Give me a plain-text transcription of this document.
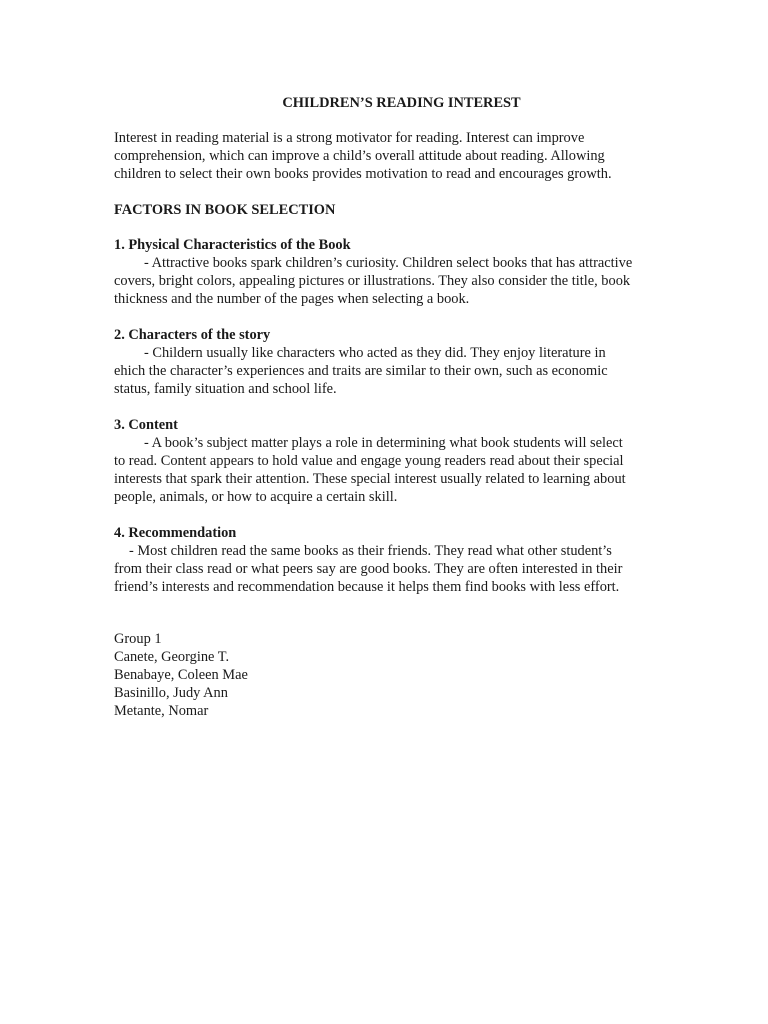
CHILDREN’S READING INTEREST

Interest in reading material is a strong motivator for reading. Interest can improve

comprehension, which can improve a child’s overall attitude about reading. Allowing

children to select their own books provides motivation to read and encourages growth.

FACTORS IN BOOK SELECTION
1. Physical Characteristics of the Book
- Attractive books spark children’s curiosity. Children select books that has attractive
covers, bright colors, appealing pictures or illustrations. They also consider the title, book
thickness and the number of the pages when selecting a book.
2. Characters of the story
- Childern usually like characters who acted as they did. They enjoy literature in
ehich the character’s experiences and traits are similar to their own, such as economic
status, family situation and school life.
3. Content
- A book’s subject matter plays a role in determining what book students will select
to read. Content appears to hold value and engage young readers read about their special
interests that spark their attention. These special interest usually related to learning about
people, animals, or how to acquire a certain skill.
4. Recommendation
- Most children read the same books as their friends. They read what other student’s
from their class read or what peers say are good books. They are often interested in their
friend’s interests and recommendation because it helps them find books with less effort.
Group 1
Canete, Georgine T.
Benabaye, Coleen Mae
Basinillo, Judy Ann
Metante, Nomar
